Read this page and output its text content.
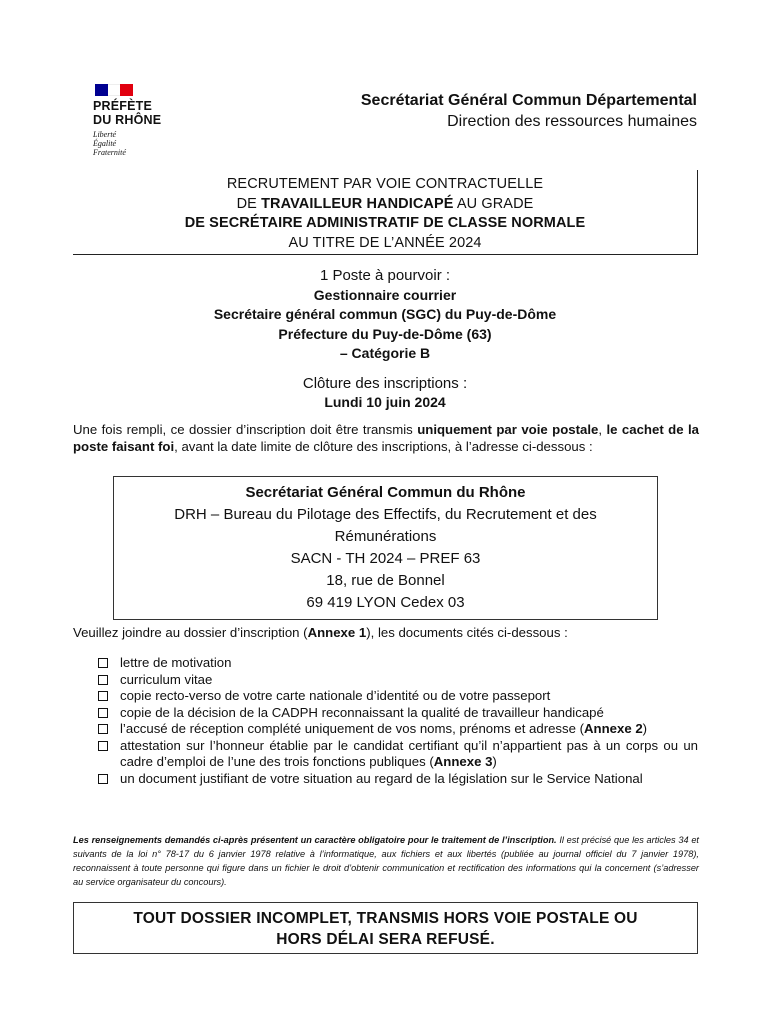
PRÉFÈTE
DU RHÔNE
Liberté
Égalité
Fraternité
Secrétariat Général Commun Départemental
Direction des ressources humaines
RECRUTEMENT PAR VOIE CONTRACTUELLE
DE TRAVAILLEUR HANDICAPÉ AU GRADE
DE SECRÉTAIRE ADMINISTRATIF DE CLASSE NORMALE
AU TITRE DE L’ANNÉE 2024
1 Poste à pourvoir :
Gestionnaire courrier
Secrétaire général commun (SGC) du Puy-de-Dôme
Préfecture du Puy-de-Dôme (63)
– Catégorie B
Clôture des inscriptions :
Lundi 10 juin 2024
Une fois rempli, ce dossier d’inscription doit être transmis uniquement par voie postale, le cachet de la poste faisant foi, avant la date limite de clôture des inscriptions, à l’adresse ci-dessous :
Secrétariat Général Commun du Rhône
DRH – Bureau du Pilotage des Effectifs, du Recrutement et des
Rémunérations
SACN - TH 2024 – PREF 63
18, rue de Bonnel
69 419 LYON Cedex 03
Veuillez joindre au dossier d’inscription (Annexe 1), les documents cités ci-dessous :
lettre de motivation
curriculum vitae
copie recto-verso de votre carte nationale d’identité ou de votre passeport
copie de la décision de la CADPH reconnaissant la qualité de travailleur handicapé
l’accusé de réception complété uniquement de vos noms, prénoms et adresse (Annexe 2)
attestation sur l’honneur établie par le candidat certifiant qu’il n’appartient pas à un corps ou un cadre d’emploi de l’une des trois fonctions publiques (Annexe 3)
un document justifiant de votre situation au regard de la législation sur le Service National
Les renseignements demandés ci-après présentent un caractère obligatoire pour le traitement de l’inscription. Il est précisé que les articles 34 et suivants de la loi n° 78-17 du 6 janvier 1978 relative à l’informatique, aux fichiers et aux libertés (publiée au journal officiel du 7 janvier 1978), reconnaissent à toute personne qui figure dans un fichier le droit d’obtenir communication et rectification des informations qui la concernent (s’adresser au service organisateur du concours).
TOUT DOSSIER INCOMPLET, TRANSMIS HORS VOIE POSTALE OU
HORS DÉLAI SERA REFUSÉ.
